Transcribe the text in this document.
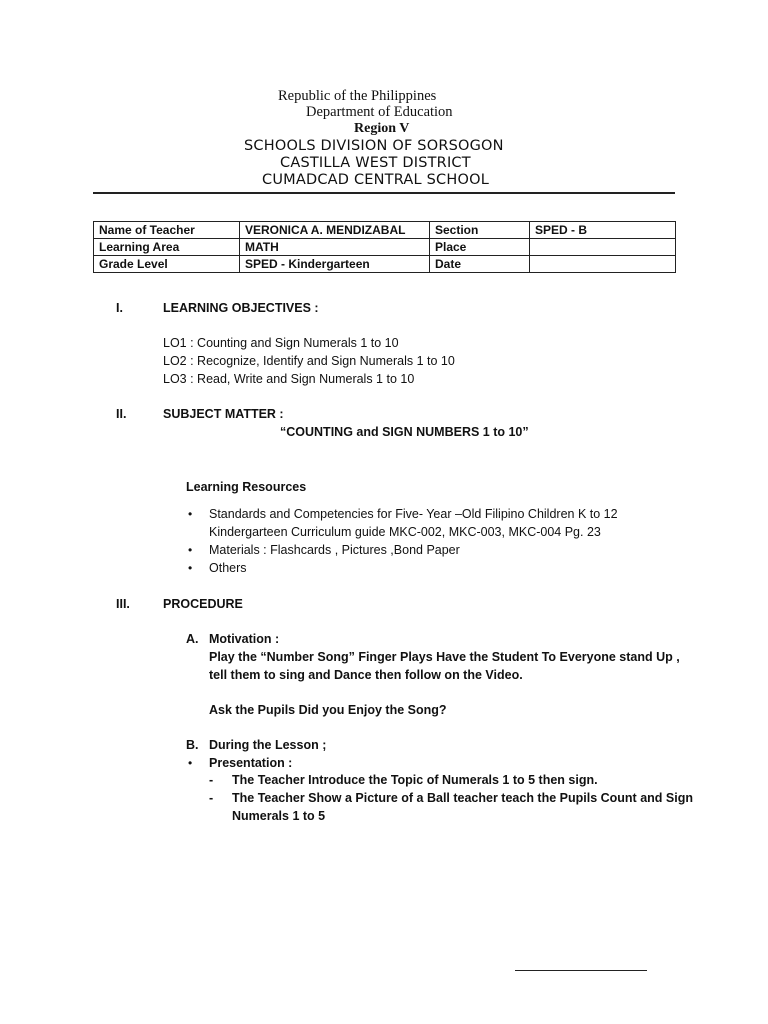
Republic of the Philippines
Department of Education
Region V
SCHOOLS DIVISION OF SORSOGON
CASTILLA WEST DISTRICT
CUMADCAD CENTRAL SCHOOL
Name of Teacher	VERONICA A. MENDIZABAL	Section	SPED - B
Learning Area	MATH	Place	
Grade Level	SPED - Kindergarteen	Date	
I.	LEARNING OBJECTIVES :
LO1 : Counting and Sign Numerals 1 to 10
LO2 : Recognize, Identify and Sign Numerals 1 to 10
LO3 : Read, Write and Sign Numerals 1 to 10
II.	SUBJECT MATTER :
“COUNTING and SIGN NUMBERS 1 to 10”
Learning Resources
• Standards and Competencies for Five- Year –Old Filipino Children K to 12
Kindergarteen Curriculum guide MKC-002, MKC-003, MKC-004 Pg. 23
• Materials : Flashcards , Pictures ,Bond Paper
• Others
III.	PROCEDURE
A. Motivation :
Play the “Number Song” Finger Plays Have the Student To Everyone stand Up ,
tell them to sing and Dance then follow on the Video.
Ask the Pupils Did you Enjoy the Song?
B. During the Lesson ;
• Presentation :
- The Teacher Introduce the Topic of Numerals 1 to 5 then sign.
- The Teacher Show a Picture of a Ball teacher teach the Pupils Count and Sign
Numerals 1 to 5
